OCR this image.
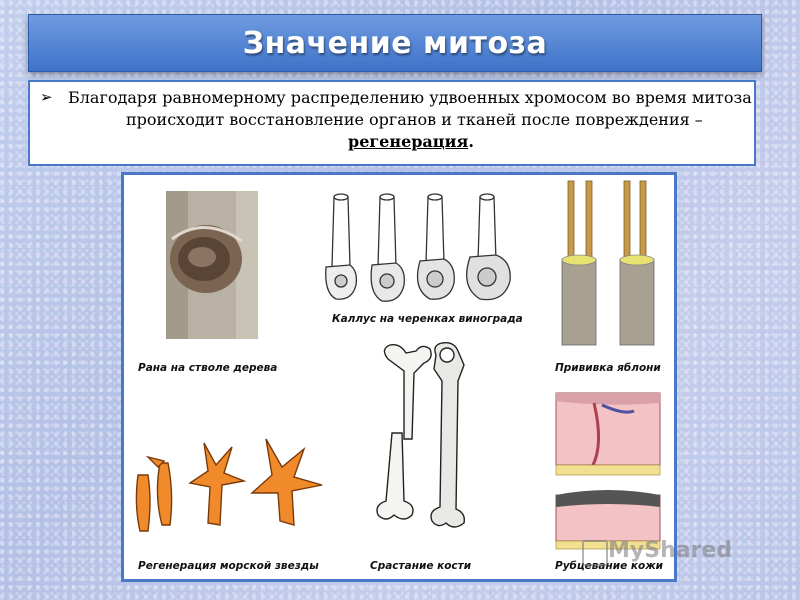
Значение митоза
➢ Благодаря равномерному распределению удвоенных хромосом во время митоза
происходит восстановление органов и тканей после повреждения –
регенерация.
Рана на стволе дерева
Каллус на черенках винограда
Прививка яблони
Регенерация морской звезды	Срастание кости	Рубцевание кожи
MyShared
